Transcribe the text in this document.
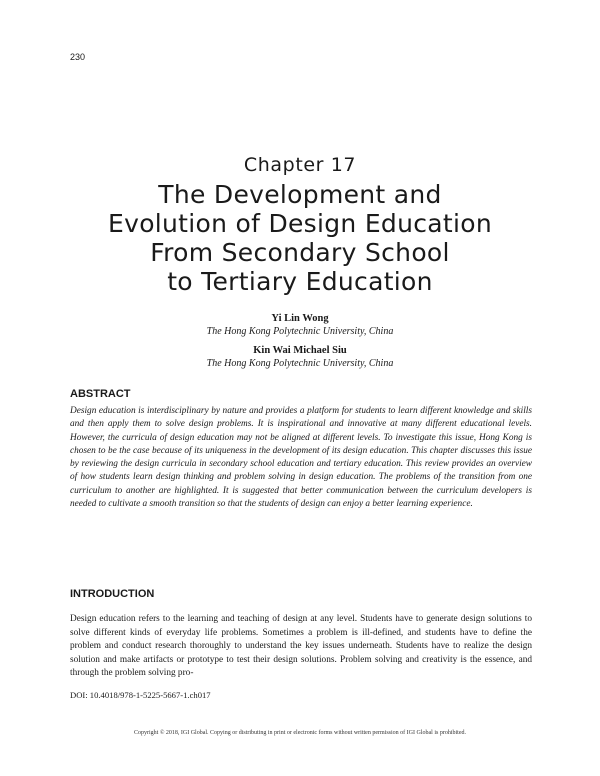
230
Chapter 17
The Development and
Evolution of Design Education
From Secondary School
to Tertiary Education
Yi Lin Wong
The Hong Kong Polytechnic University, China
Kin Wai Michael Siu
The Hong Kong Polytechnic University, China
ABSTRACT
Design education is interdisciplinary by nature and provides a platform for students to learn different knowledge and skills and then apply them to solve design problems. It is inspirational and innovative at many different educational levels. However, the curricula of design education may not be aligned at different levels. To investigate this issue, Hong Kong is chosen to be the case because of its uniqueness in the development of its design education. This chapter discusses this issue by reviewing the design curricula in secondary school education and tertiary education. This review provides an overview of how students learn design thinking and problem solving in design education. The problems of the transition from one curriculum to another are highlighted. It is suggested that better communication between the curriculum developers is needed to cultivate a smooth transition so that the students of design can enjoy a better learning experience.
INTRODUCTION
Design education refers to the learning and teaching of design at any level. Students have to generate design solutions to solve different kinds of everyday life problems. Sometimes a problem is ill-defined, and students have to define the problem and conduct research thoroughly to understand the key issues underneath. Students have to realize the design solution and make artifacts or prototype to test their design solutions. Problem solving and creativity is the essence, and through the problem solving pro-
DOI: 10.4018/978-1-5225-5667-1.ch017
Copyright © 2018, IGI Global. Copying or distributing in print or electronic forms without written permission of IGI Global is prohibited.
